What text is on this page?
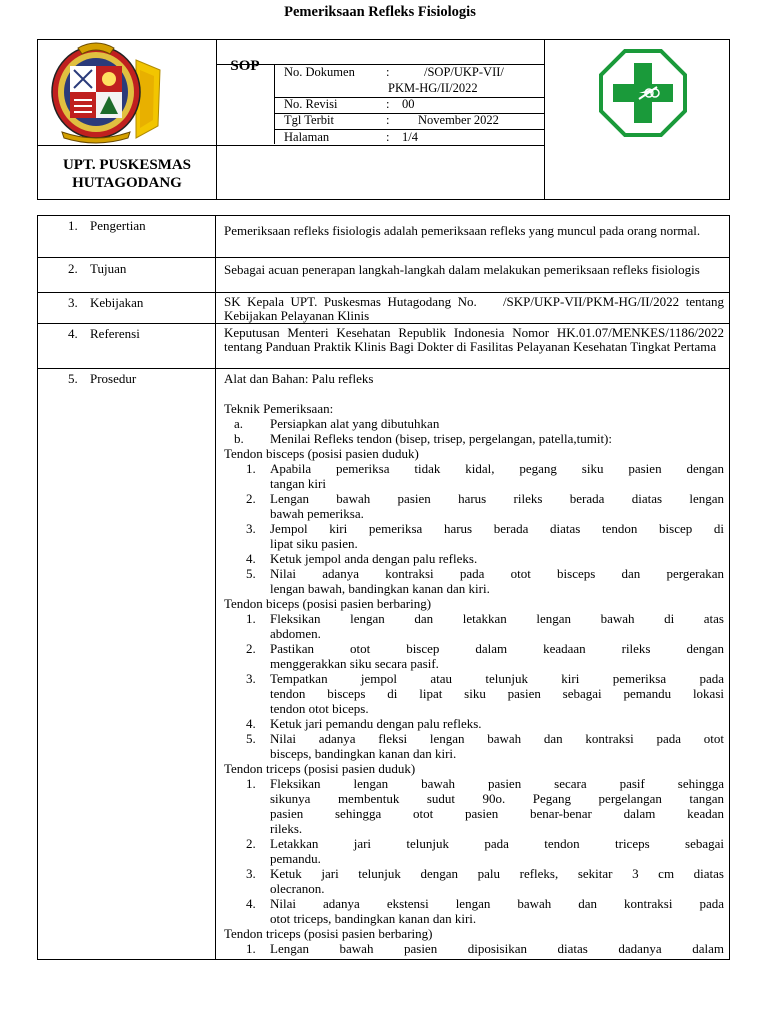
Pemeriksaan Refleks Fisiologis
SOP	No. Dokumen :	/SOP/UKP-VII/
PKM-HG/II/2022
No. Revisi	: 00
Tgl Terbit	: November 2022
Halaman	: 1/4
UPT. PUSKESMAS
HUTAGODANG
1. Pengertian	Pemeriksaan refleks fisiologis adalah pemeriksaan refleks yang muncul pada orang normal.
2. Tujuan	Sebagai acuan penerapan langkah-langkah dalam melakukan pemeriksaan refleks fisiologis
3. Kebijakan	SK Kepala UPT. Puskesmas Hutagodang No.    /SKP/UKP-VII/PKM-HG/II/2022 tentang Kebijakan Pelayanan Klinis
4. Referensi	Keputusan Menteri Kesehatan Republik Indonesia Nomor HK.01.07/MENKES/1186/2022 tentang Panduan Praktik Klinis Bagi Dokter di Fasilitas Pelayanan Kesehatan Tingkat Pertama
5. Prosedur	Alat dan Bahan: Palu refleks
Teknik Pemeriksaan:
a. Persiapkan alat yang dibutuhkan
b. Menilai Refleks tendon (bisep, trisep, pergelangan, patella,tumit):
Tendon bisceps (posisi pasien duduk)
1. Apabila pemeriksa tidak kidal, pegang siku pasien dengan
tangan kiri
2. Lengan bawah pasien harus rileks berada diatas lengan
bawah pemeriksa.
3. Jempol kiri pemeriksa harus berada diatas tendon biscep di
lipat siku pasien.
4. Ketuk jempol anda dengan palu refleks.
5. Nilai adanya kontraksi pada otot bisceps dan pergerakan
lengan bawah, bandingkan kanan dan kiri.
Tendon biceps (posisi pasien berbaring)
1. Fleksikan lengan dan letakkan lengan bawah di atas
abdomen.
2. Pastikan otot biscep dalam keadaan rileks dengan
menggerakkan siku secara pasif.
3. Tempatkan jempol atau telunjuk kiri pemeriksa pada
tendon bisceps di lipat siku pasien sebagai pemandu lokasi
tendon otot biceps.
4. Ketuk jari pemandu dengan palu refleks.
5. Nilai adanya fleksi lengan bawah dan kontraksi pada otot
bisceps, bandingkan kanan dan kiri.
Tendon triceps (posisi pasien duduk)
1. Fleksikan lengan bawah pasien secara pasif sehingga
sikunya membentuk sudut 90o. Pegang pergelangan tangan
pasien sehingga otot pasien benar-benar dalam keadan
rileks.
2. Letakkan jari telunjuk pada tendon triceps sebagai
pemandu.
3. Ketuk jari telunjuk dengan palu refleks, sekitar 3 cm diatas
olecranon.
4. Nilai adanya ekstensi lengan bawah dan kontraksi pada
otot triceps, bandingkan kanan dan kiri.
Tendon triceps (posisi pasien berbaring)
1. Lengan bawah pasien diposisikan diatas dadanya dalam
